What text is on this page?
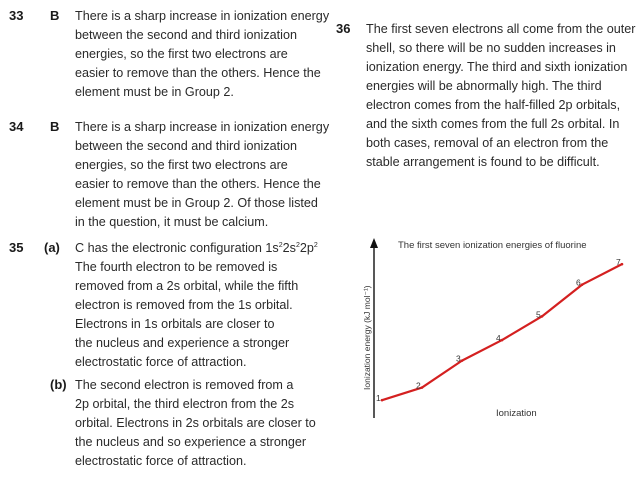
33 B There is a sharp increase in ionization energy
between the second and third ionization
energies, so the first two electrons are
easier to remove than the others. Hence the
element must be in Group 2.
34 B There is a sharp increase in ionization energy
between the second and third ionization
energies, so the first two electrons are
easier to remove than the others. Hence the
element must be in Group 2. Of those listed
in the question, it must be calcium.
35 (a) C has the electronic configuration $1s^22s^22p^2$
The fourth electron to be removed is
removed from a 2s orbital, while the fifth
electron is removed from the 1s orbital.
Electrons in 1s orbitals are closer to
the nucleus and experience a stronger
electrostatic force of attraction.
(b) The second electron is removed from a
2p orbital, the third electron from the 2s
orbital. Electrons in 2s orbitals are closer to
the nucleus and so experience a stronger
electrostatic force of attraction.
36 The first seven electrons all come from the outer
shell, so there will be no sudden increases in
ionization energy. The third and sixth ionization
energies will be abnormally high. The third
electron comes from the half-filled 2p orbitals,
and the sixth comes from the full 2s orbital. In
both cases, removal of an electron from the
stable arrangement is found to be difficult.
The first seven ionization energies of fluorine
Ionization energy (kJ mol⁻¹)
Ionization
1
2
3
4
5
6
7
